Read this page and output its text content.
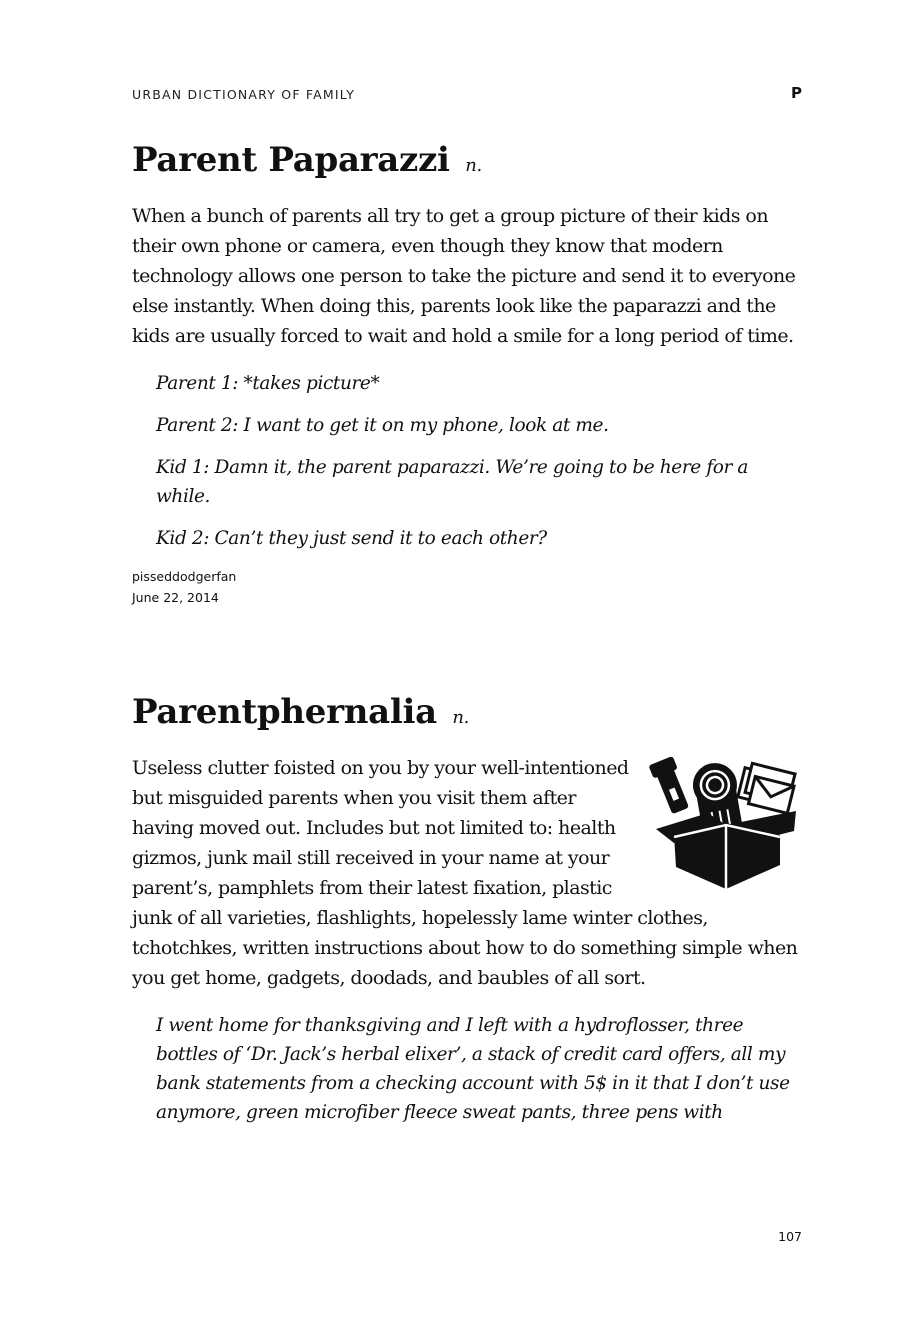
URBAN DICTIONARY OF FAMILY	P
Parent Paparazzi n.

When a bunch of parents all try to get a group picture of their kids on their own phone or camera, even though they know that modern technology allows one person to take the picture and send it to everyone else instantly. When doing this, parents look like the paparazzi and the kids are usually forced to wait and hold a smile for a long period of time.

Parent 1: *takes picture*

Parent 2: I want to get it on my phone, look at me.

Kid 1: Damn it, the parent paparazzi. We’re going to be here for a while.

Kid 2: Can’t they just send it to each other?

pisseddodgerfan
June 22, 2014
Parentphernalia n.
Useless clutter foisted on you by your well-intentioned but misguided parents when you visit them after having moved out. Includes but not limited to: health gizmos, junk mail still received in your name at your parent’s, pamphlets from their latest fixation, plastic junk of all varieties, flashlights, hopelessly lame winter clothes, tchotchkes, written instructions about how to do something simple when you get home, gadgets, doodads, and baubles of all sort.

I went home for thanksgiving and I left with a hydroflosser, three bottles of ‘Dr. Jack’s herbal elixer’, a stack of credit card offers, all my bank statements from a checking account with 5$ in it that I don’t use anymore, green microfiber fleece sweat pants, three pens with

107
